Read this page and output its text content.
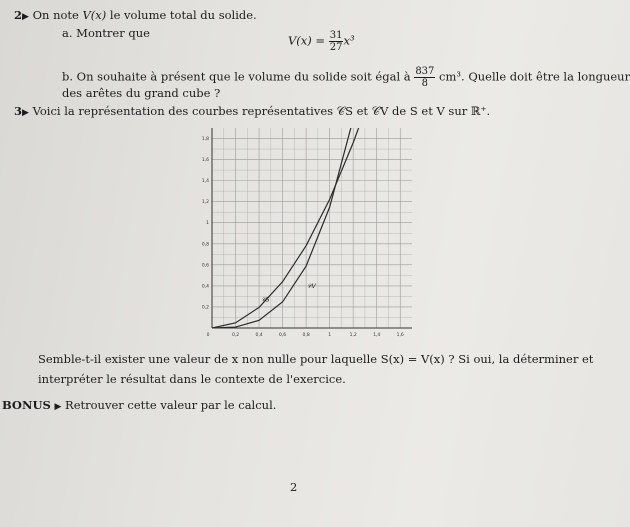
2▶ On note V(x) le volume total du solide.
a. Montrer que
$V(x) = \frac{31}{27} x^3$
b. On souhaite à présent que le volume du solide soit égal à $\frac{837}{8} cm^3$. Quelle doit être la longueur
des arêtes du grand cube ?
3▶ Voici la représentation des courbes représentatives 𝒞S et 𝒞V de S et V sur ℝ⁺.
0	0,2	0,4	0,6	0,8	1	1,2	1,4	1,6
0,2
0,4
0,6
0,8
1
1,2
1,4
1,6
1,8
𝒞S
𝒞V
Semble-t-il exister une valeur de x non nulle pour laquelle S(x) = V(x) ? Si oui, la déterminer et
interpréter le résultat dans le contexte de l'exercice.
BONUS ▶ Retrouver cette valeur par le calcul.
2
